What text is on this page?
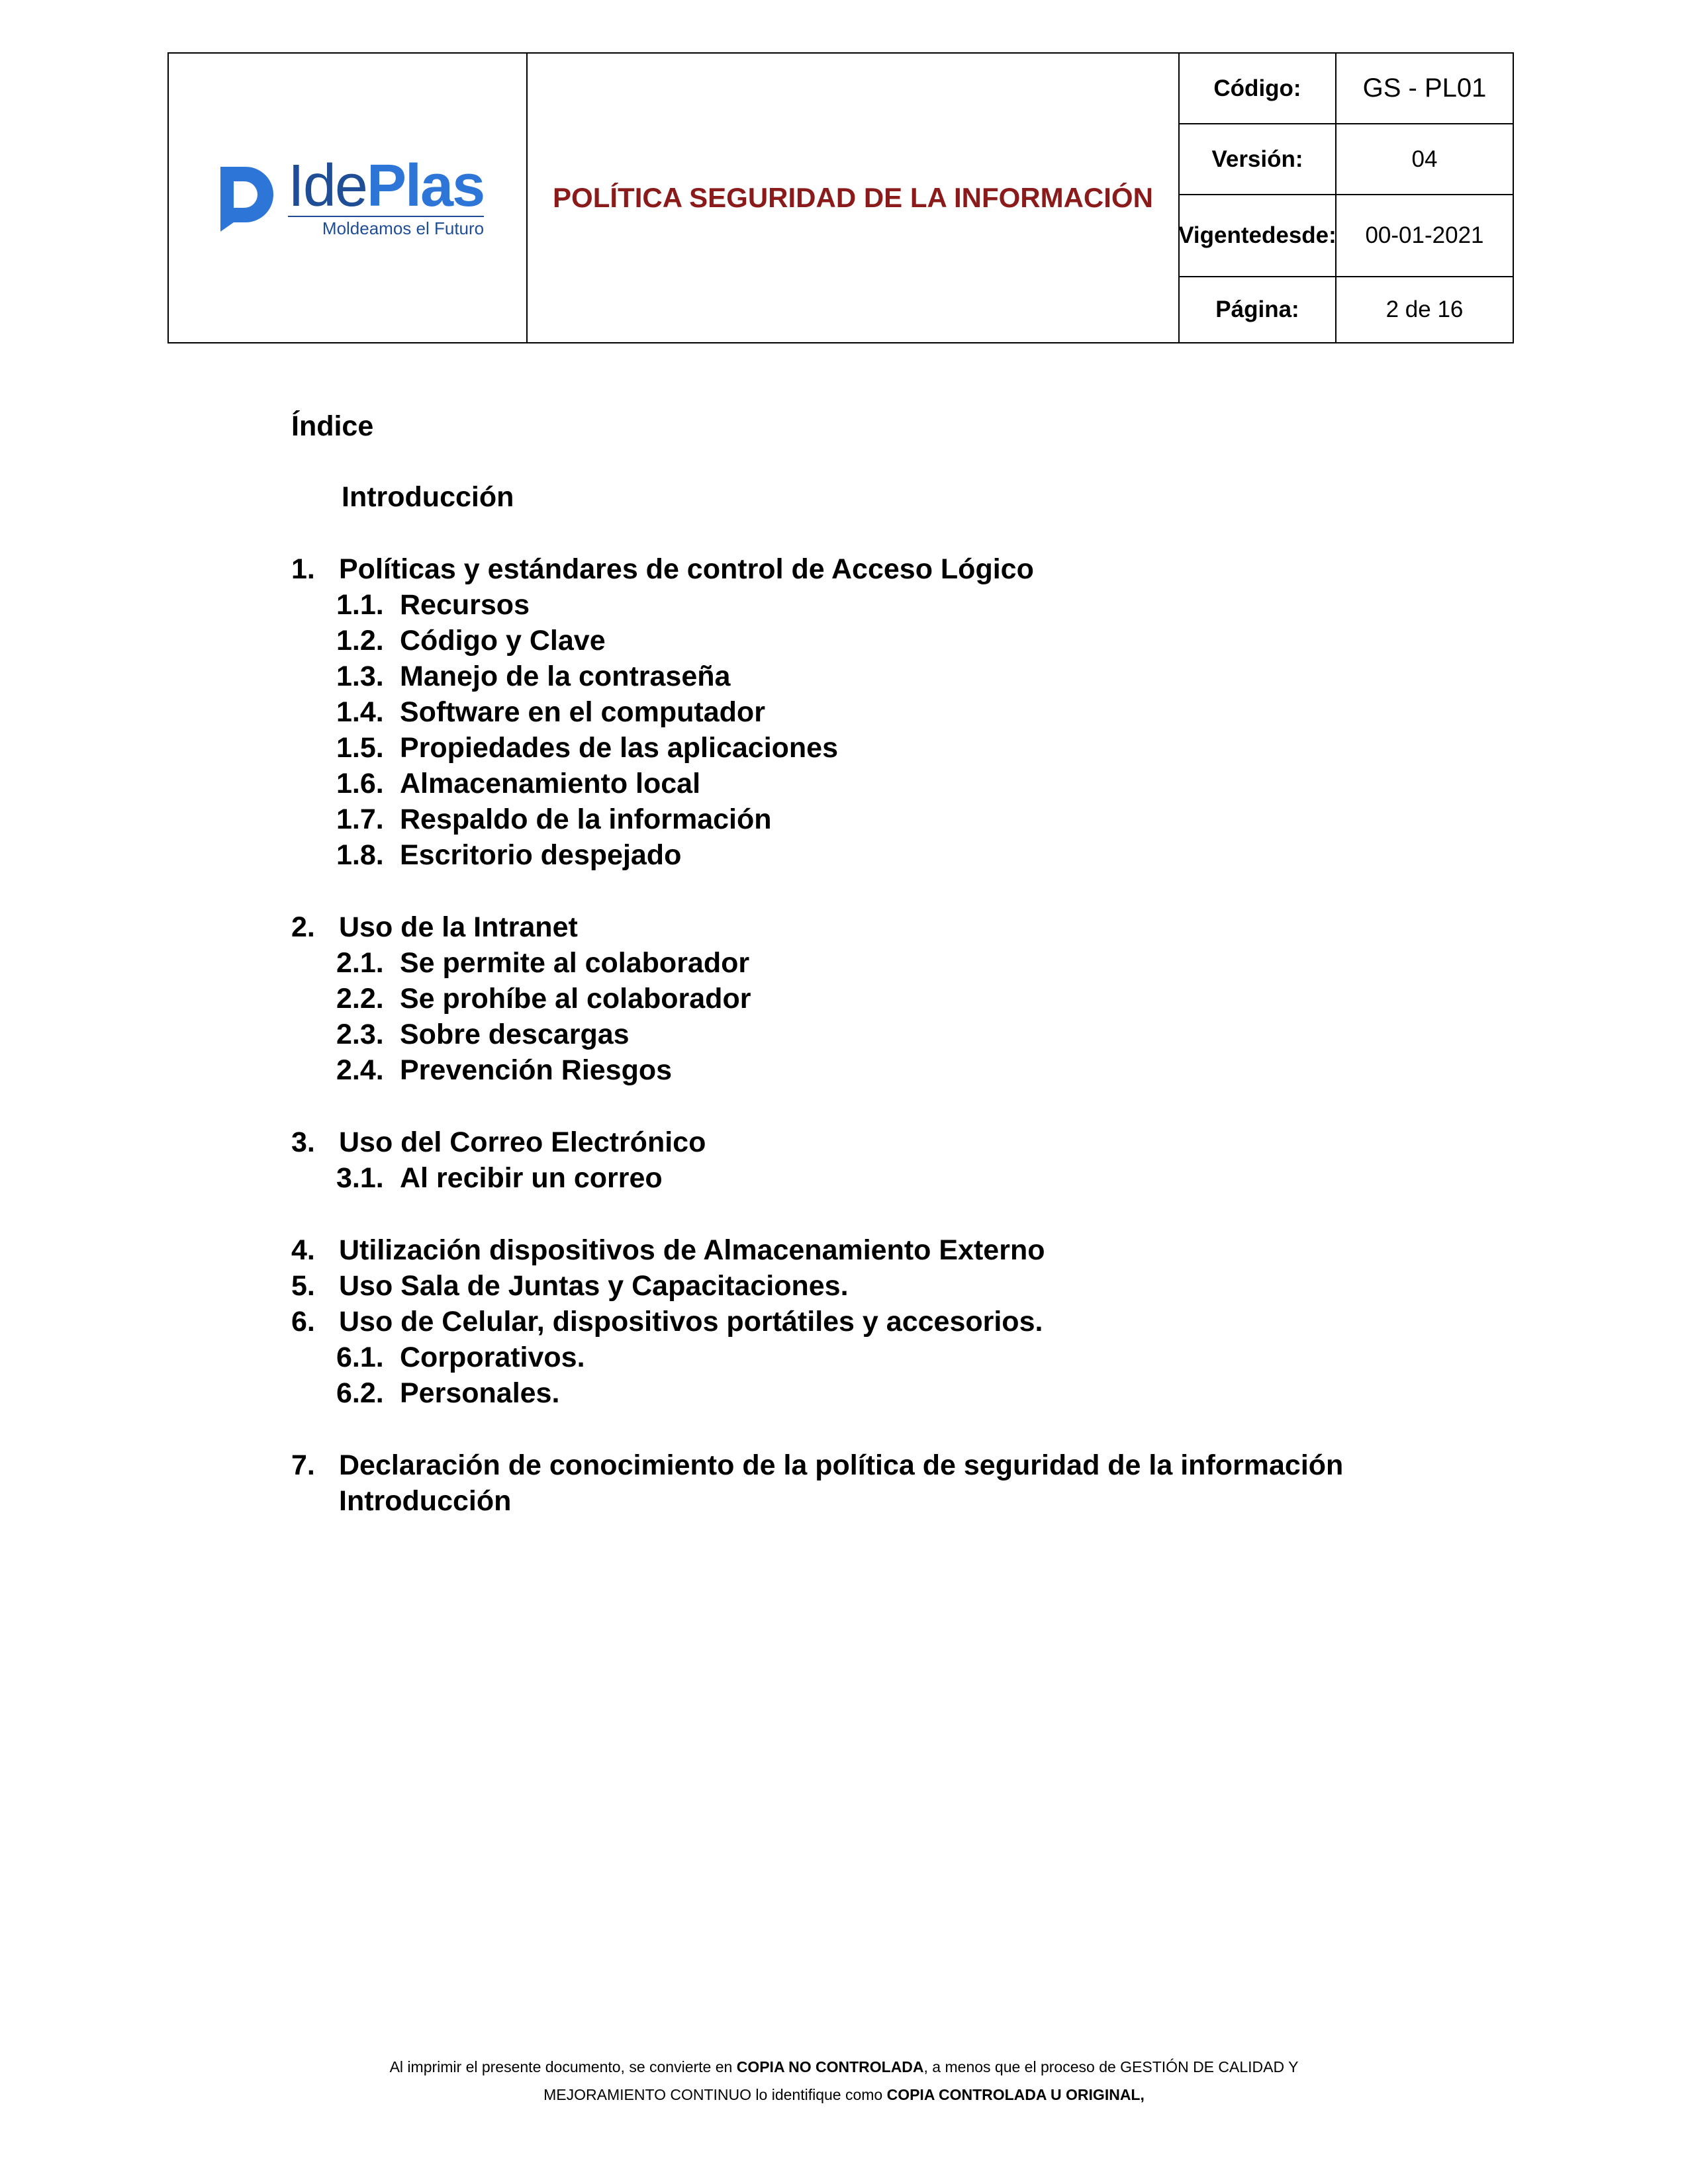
IdePlas
Moldeamos el Futuro
POLÍTICA SEGURIDAD DE LA INFORMACIÓN
Código:	GS - PL01
Versión:	04
Vigente desde:	00-01-2021
Página:	2 de 16
Índice
Introducción
1. Políticas y estándares de control de Acceso Lógico
1.1. Recursos
1.2. Código y Clave
1.3. Manejo de la contraseña
1.4. Software en el computador
1.5. Propiedades de las aplicaciones
1.6. Almacenamiento local
1.7. Respaldo de la información
1.8. Escritorio despejado
2. Uso de la Intranet
2.1. Se permite al colaborador
2.2. Se prohíbe al colaborador
2.3. Sobre descargas
2.4. Prevención Riesgos
3. Uso del Correo Electrónico
3.1. Al recibir un correo
4. Utilización dispositivos de Almacenamiento Externo
5. Uso Sala de Juntas y Capacitaciones.
6. Uso de Celular, dispositivos portátiles y accesorios.
6.1. Corporativos.
6.2. Personales.
7. Declaración de conocimiento de la política de seguridad de la información
Introducción
Al imprimir el presente documento, se convierte en COPIA NO CONTROLADA, a menos que el proceso de GESTIÓN DE CALIDAD Y
MEJORAMIENTO CONTINUO lo identifique como COPIA CONTROLADA U ORIGINAL,
